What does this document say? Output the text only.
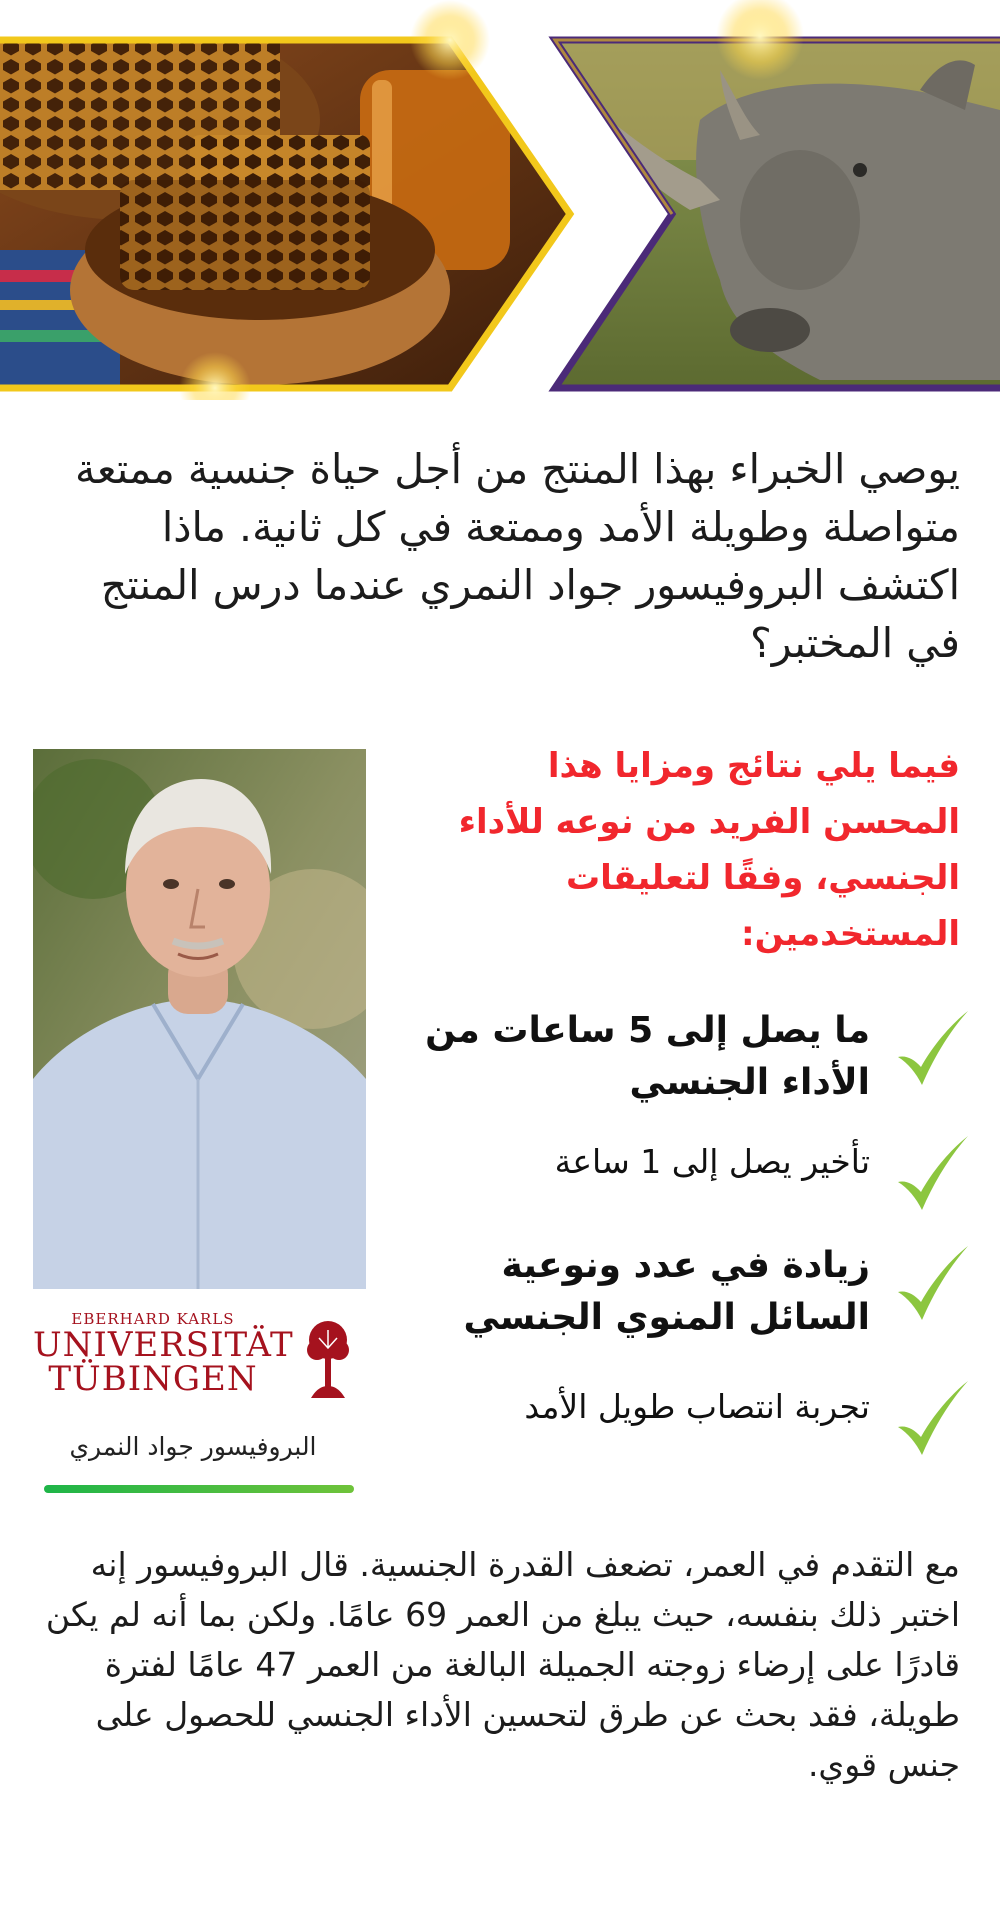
يوصي الخبراء بهذا المنتج من أجل حياة جنسية ممتعة متواصلة وطويلة الأمد وممتعة في كل ثانية. ماذا اكتشف البروفيسور جواد النمري عندما درس المنتج في المختبر؟

EBERHARD KARLS
UNIVERSITÄT
TÜBINGEN
البروفيسور جواد النمري
فيما يلي نتائج ومزايا هذا المحسن الفريد من نوعه للأداء الجنسي، وفقًا لتعليقات المستخدمين:
ما يصل إلى 5 ساعات من الأداء الجنسي
تأخير يصل إلى 1 ساعة
زيادة في عدد ونوعية السائل المنوي الجنسي
تجربة انتصاب طويل الأمد

مع التقدم في العمر، تضعف القدرة الجنسية. قال البروفيسور إنه اختبر ذلك بنفسه، حيث يبلغ من العمر 69 عامًا. ولكن بما أنه لم يكن قادرًا على إرضاء زوجته الجميلة البالغة من العمر 47 عامًا لفترة طويلة، فقد بحث عن طرق لتحسين الأداء الجنسي للحصول على جنس قوي.
